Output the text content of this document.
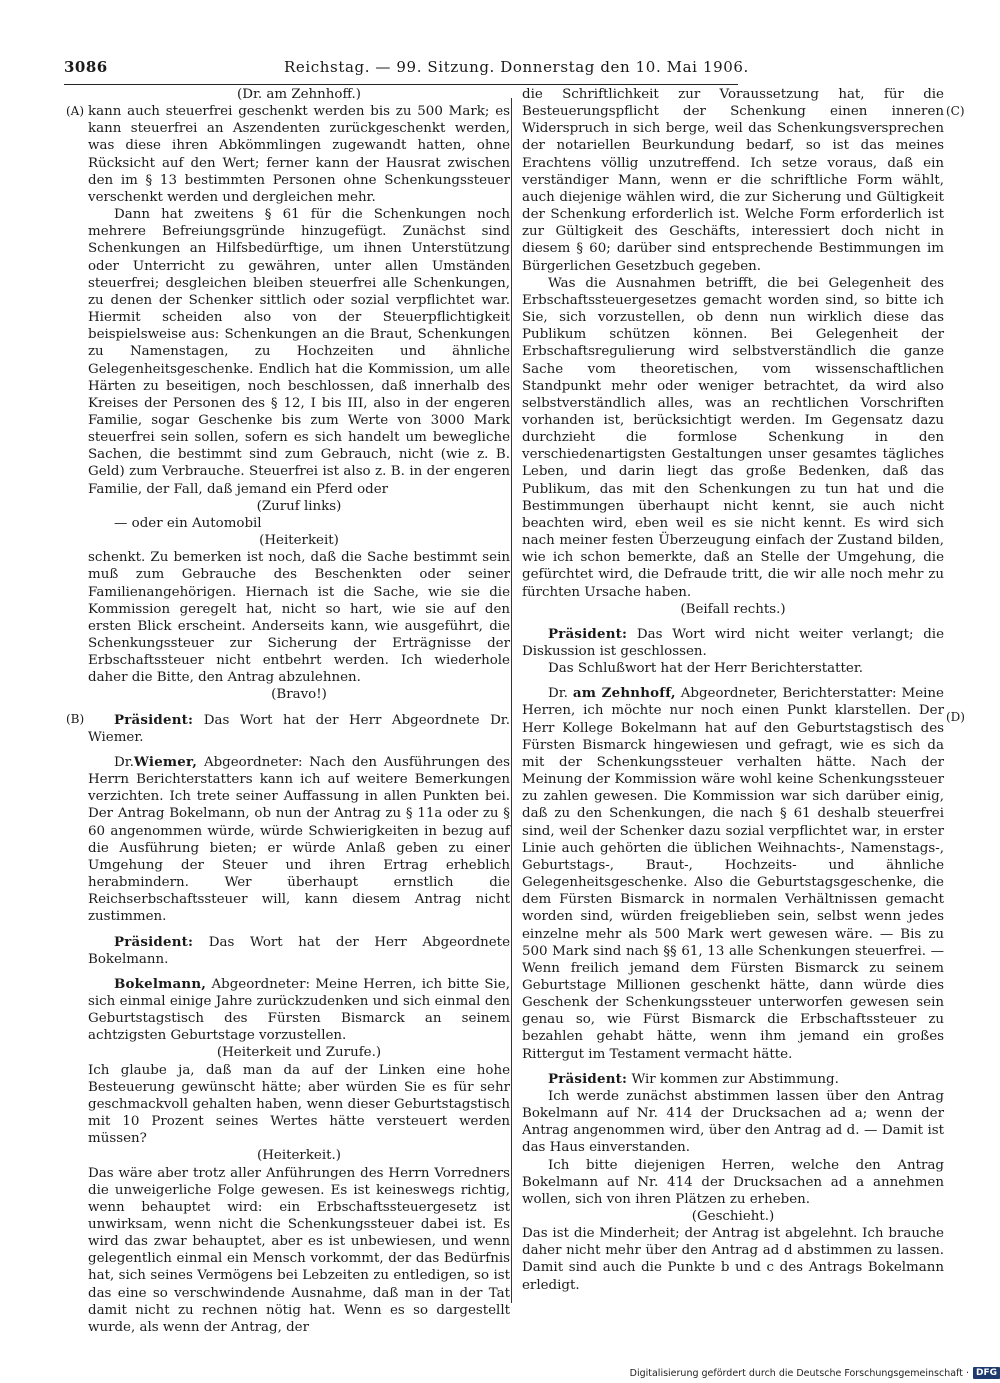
3086	Reichstag. — 99. Sitzung. Donnerstag den 10. Mai 1906.
(A)
(B)
(C)
(D)

(Dr. am Zehnhoff.)

kann auch steuerfrei geschenkt werden bis zu 500 Mark; es kann steuerfrei an Aszendenten zurückgeschenkt werden, was diese ihren Abkömmlingen zugewandt hatten, ohne Rücksicht auf den Wert; ferner kann der Hausrat zwischen den im § 13 bestimmten Personen ohne Schenkungssteuer verschenkt werden und dergleichen mehr.

Dann hat zweitens § 61 für die Schenkungen noch mehrere Befreiungsgründe hinzugefügt. Zunächst sind Schenkungen an Hilfsbedürftige, um ihnen Unterstützung oder Unterricht zu gewähren, unter allen Umständen steuerfrei; desgleichen bleiben steuerfrei alle Schenkungen, zu denen der Schenker sittlich oder sozial verpflichtet war. Hiermit scheiden also von der Steuerpflichtigkeit beispielsweise aus: Schenkungen an die Braut, Schenkungen zu Namenstagen, zu Hochzeiten und ähnliche Gelegenheitsgeschenke. Endlich hat die Kommission, um alle Härten zu beseitigen, noch beschlossen, daß innerhalb des Kreises der Personen des § 12, I bis III, also in der engeren Familie, sogar Geschenke bis zum Werte von 3000 Mark steuerfrei sein sollen, sofern es sich handelt um bewegliche Sachen, die bestimmt sind zum Gebrauch, nicht (wie z. B. Geld) zum Verbrauche. Steuerfrei ist also z. B. in der engeren Familie, der Fall, daß jemand ein Pferd oder

(Zuruf links)

— oder ein Automobil

(Heiterkeit)

schenkt. Zu bemerken ist noch, daß die Sache bestimmt sein muß zum Gebrauche des Beschenkten oder seiner Familienangehörigen. Hiernach ist die Sache, wie sie die Kommission geregelt hat, nicht so hart, wie sie auf den ersten Blick erscheint. Anderseits kann, wie ausgeführt, die Schenkungssteuer zur Sicherung der Erträgnisse der Erbschaftssteuer nicht entbehrt werden. Ich wiederhole daher die Bitte, den Antrag abzulehnen.

(Bravo!)

Präsident: Das Wort hat der Herr Abgeordnete Dr. Wiemer.

Dr.Wiemer, Abgeordneter: Nach den Ausführungen des Herrn Berichterstatters kann ich auf weitere Bemerkungen verzichten. Ich trete seiner Auffassung in allen Punkten bei. Der Antrag Bokelmann, ob nun der Antrag zu § 11a oder zu § 60 angenommen würde, würde Schwierigkeiten in bezug auf die Ausführung bieten; er würde Anlaß geben zu einer Umgehung der Steuer und ihren Ertrag erheblich herabmindern. Wer überhaupt ernstlich die Reichserbschaftssteuer will, kann diesem Antrag nicht zustimmen.

Präsident: Das Wort hat der Herr Abgeordnete Bokelmann.

Bokelmann, Abgeordneter: Meine Herren, ich bitte Sie, sich einmal einige Jahre zurückzudenken und sich einmal den Geburtstagstisch des Fürsten Bismarck an seinem achtzigsten Geburtstage vorzustellen.

(Heiterkeit und Zurufe.)

Ich glaube ja, daß man da auf der Linken eine hohe Besteuerung gewünscht hätte; aber würden Sie es für sehr geschmackvoll gehalten haben, wenn dieser Geburtstagstisch mit 10 Prozent seines Wertes hätte versteuert werden müssen?

(Heiterkeit.)

Das wäre aber trotz aller Anführungen des Herrn Vorredners die unweigerliche Folge gewesen. Es ist keineswegs richtig, wenn behauptet wird: ein Erbschaftssteuergesetz ist unwirksam, wenn nicht die Schenkungssteuer dabei ist. Es wird das zwar behauptet, aber es ist unbewiesen, und wenn gelegentlich einmal ein Mensch vorkommt, der das Bedürfnis hat, sich seines Vermögens bei Lebzeiten zu entledigen, so ist das eine so verschwindende Ausnahme, daß man in der Tat damit nicht zu rechnen nötig hat. Wenn es so dargestellt wurde, als wenn der Antrag, der

die Schriftlichkeit zur Voraussetzung hat, für die Besteuerungspflicht der Schenkung einen inneren Widerspruch in sich berge, weil das Schenkungsversprechen der notariellen Beurkundung bedarf, so ist das meines Erachtens völlig unzutreffend. Ich setze voraus, daß ein verständiger Mann, wenn er die schriftliche Form wählt, auch diejenige wählen wird, die zur Sicherung und Gültigkeit der Schenkung erforderlich ist. Welche Form erforderlich ist zur Gültigkeit des Geschäfts, interessiert doch nicht in diesem § 60; darüber sind entsprechende Bestimmungen im Bürgerlichen Gesetzbuch gegeben.

Was die Ausnahmen betrifft, die bei Gelegenheit des Erbschaftssteuergesetzes gemacht worden sind, so bitte ich Sie, sich vorzustellen, ob denn nun wirklich diese das Publikum schützen können. Bei Gelegenheit der Erbschaftsregulierung wird selbstverständlich die ganze Sache vom theoretischen, vom wissenschaftlichen Standpunkt mehr oder weniger betrachtet, da wird also selbstverständlich alles, was an rechtlichen Vorschriften vorhanden ist, berücksichtigt werden. Im Gegensatz dazu durchzieht die formlose Schenkung in den verschiedenartigsten Gestaltungen unser gesamtes tägliches Leben, und darin liegt das große Bedenken, daß das Publikum, das mit den Schenkungen zu tun hat und die Bestimmungen überhaupt nicht kennt, sie auch nicht beachten wird, eben weil es sie nicht kennt. Es wird sich nach meiner festen Überzeugung einfach der Zustand bilden, wie ich schon bemerkte, daß an Stelle der Umgehung, die gefürchtet wird, die Defraude tritt, die wir alle noch mehr zu fürchten Ursache haben.

(Beifall rechts.)

Präsident: Das Wort wird nicht weiter verlangt; die Diskussion ist geschlossen.

Das Schlußwort hat der Herr Berichterstatter.

Dr. am Zehnhoff, Abgeordneter, Berichterstatter: Meine Herren, ich möchte nur noch einen Punkt klarstellen. Der Herr Kollege Bokelmann hat auf den Geburtstagstisch des Fürsten Bismarck hingewiesen und gefragt, wie es sich da mit der Schenkungssteuer verhalten hätte. Nach der Meinung der Kommission wäre wohl keine Schenkungssteuer zu zahlen gewesen. Die Kommission war sich darüber einig, daß zu den Schenkungen, die nach § 61 deshalb steuerfrei sind, weil der Schenker dazu sozial verpflichtet war, in erster Linie auch gehörten die üblichen Weihnachts-, Namenstags-, Geburtstags-, Braut-, Hochzeits- und ähnliche Gelegenheitsgeschenke. Also die Geburtstagsgeschenke, die dem Fürsten Bismarck in normalen Verhältnissen gemacht worden sind, würden freigeblieben sein, selbst wenn jedes einzelne mehr als 500 Mark wert gewesen wäre. — Bis zu 500 Mark sind nach §§ 61, 13 alle Schenkungen steuerfrei. — Wenn freilich jemand dem Fürsten Bismarck zu seinem Geburtstage Millionen geschenkt hätte, dann würde dies Geschenk der Schenkungssteuer unterworfen gewesen sein genau so, wie Fürst Bismarck die Erbschaftssteuer zu bezahlen gehabt hätte, wenn ihm jemand ein großes Rittergut im Testament vermacht hätte.

Präsident: Wir kommen zur Abstimmung.

Ich werde zunächst abstimmen lassen über den Antrag Bokelmann auf Nr. 414 der Drucksachen ad a; wenn der Antrag angenommen wird, über den Antrag ad d. — Damit ist das Haus einverstanden.

Ich bitte diejenigen Herren, welche den Antrag Bokelmann auf Nr. 414 der Drucksachen ad a annehmen wollen, sich von ihren Plätzen zu erheben.

(Geschieht.)

Das ist die Minderheit; der Antrag ist abgelehnt. Ich brauche daher nicht mehr über den Antrag ad d abstimmen zu lassen. Damit sind auch die Punkte b und c des Antrags Bokelmann erledigt.

Digitalisierung gefördert durch die Deutsche Forschungsgemeinschaft · DFG
